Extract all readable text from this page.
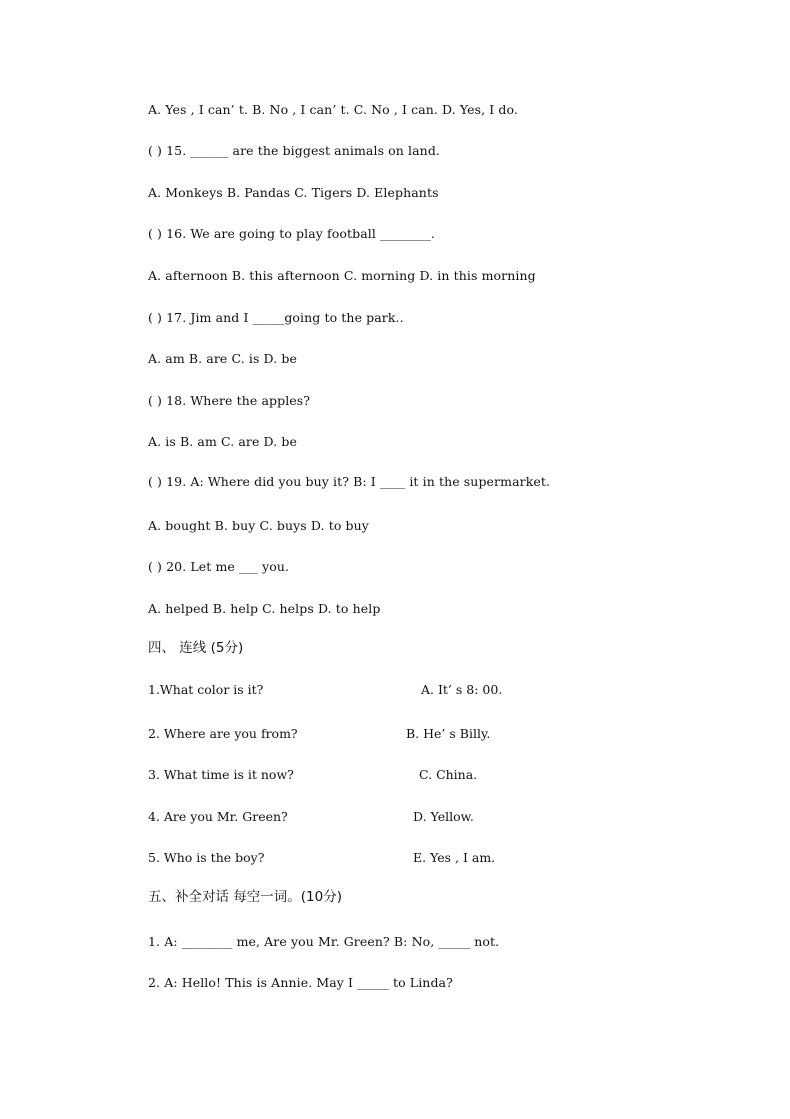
A. Yes , I can’ t. B. No , I can’ t. C. No , I can. D. Yes, I do.
( ) 15. ______ are the biggest animals on land.
A. Monkeys B. Pandas C. Tigers D. Elephants
( ) 16. We are going to play football ________.
A. afternoon B. this afternoon C. morning D. in this morning
( ) 17. Jim and I _____going to the park..
A. am B. are C. is D. be
( ) 18. Where the apples?
A. is B. am C. are D. be
( ) 19. A: Where did you buy it? B: I ____ it in the supermarket.
A. bought B. buy C. buys D. to buy
( ) 20. Let me ___ you.
A. helped B. help C. helps D. to help
四、 连线 (5分)
1.What color is it?	A. It’ s 8: 00.
2. Where are you from?	B. He’ s Billy.
3. What time is it now?	C. China.
4. Are you Mr. Green?	D. Yellow.
5. Who is the boy?	E. Yes , I am.
五、补全对话 每空一词。(10分)
1. A: ________ me, Are you Mr. Green? B: No, _____ not.
2. A: Hello! This is Annie. May I _____ to Linda?
